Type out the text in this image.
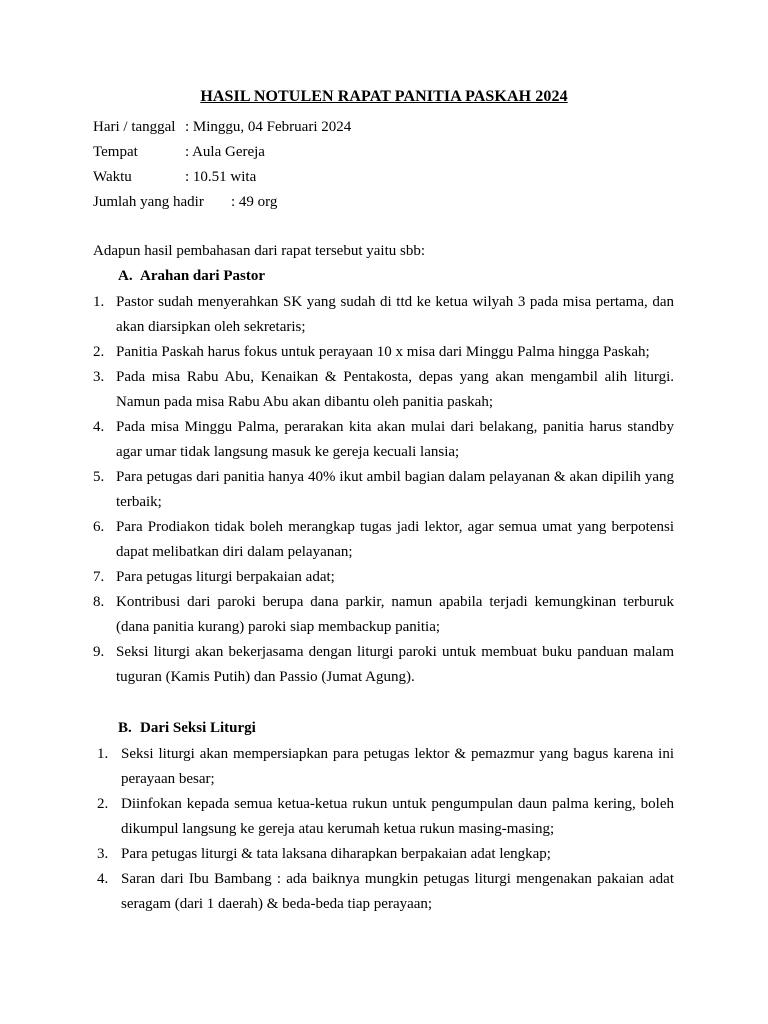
HASIL NOTULEN RAPAT PANITIA PASKAH 2024
Hari / tanggal : Minggu, 04 Februari 2024
Tempat	: Aula Gereja
Waktu	: 10.51 wita
Jumlah yang hadir : 49 org
Adapun hasil pembahasan dari rapat tersebut yaitu sbb:
A. Arahan dari Pastor
1. Pastor sudah menyerahkan SK yang sudah di ttd ke ketua wilyah 3 pada misa pertama, dan akan diarsipkan oleh sekretaris;
2. Panitia Paskah harus fokus untuk perayaan 10 x misa dari Minggu Palma hingga Paskah;
3. Pada misa Rabu Abu, Kenaikan & Pentakosta, depas yang akan mengambil alih liturgi. Namun pada misa Rabu Abu akan dibantu oleh panitia paskah;
4. Pada misa Minggu Palma, perarakan kita akan mulai dari belakang, panitia harus standby agar umar tidak langsung masuk ke gereja kecuali lansia;
5. Para petugas dari panitia hanya 40% ikut ambil bagian dalam pelayanan & akan dipilih yang terbaik;
6. Para Prodiakon tidak boleh merangkap tugas jadi lektor, agar semua umat yang berpotensi dapat melibatkan diri dalam pelayanan;
7. Para petugas liturgi berpakaian adat;
8. Kontribusi dari paroki berupa dana parkir, namun apabila terjadi kemungkinan terburuk (dana panitia kurang) paroki siap membackup panitia;
9. Seksi liturgi akan bekerjasama dengan liturgi paroki untuk membuat buku panduan malam tuguran (Kamis Putih) dan Passio (Jumat Agung).
B. Dari Seksi Liturgi
1. Seksi liturgi akan mempersiapkan para petugas lektor & pemazmur yang bagus karena ini perayaan besar;
2. Diinfokan kepada semua ketua-ketua rukun untuk pengumpulan daun palma kering, boleh dikumpul langsung ke gereja atau kerumah ketua rukun masing-masing;
3. Para petugas liturgi & tata laksana diharapkan berpakaian adat lengkap;
4. Saran dari Ibu Bambang : ada baiknya mungkin petugas liturgi mengenakan pakaian adat seragam (dari 1 daerah) & beda-beda tiap perayaan;
